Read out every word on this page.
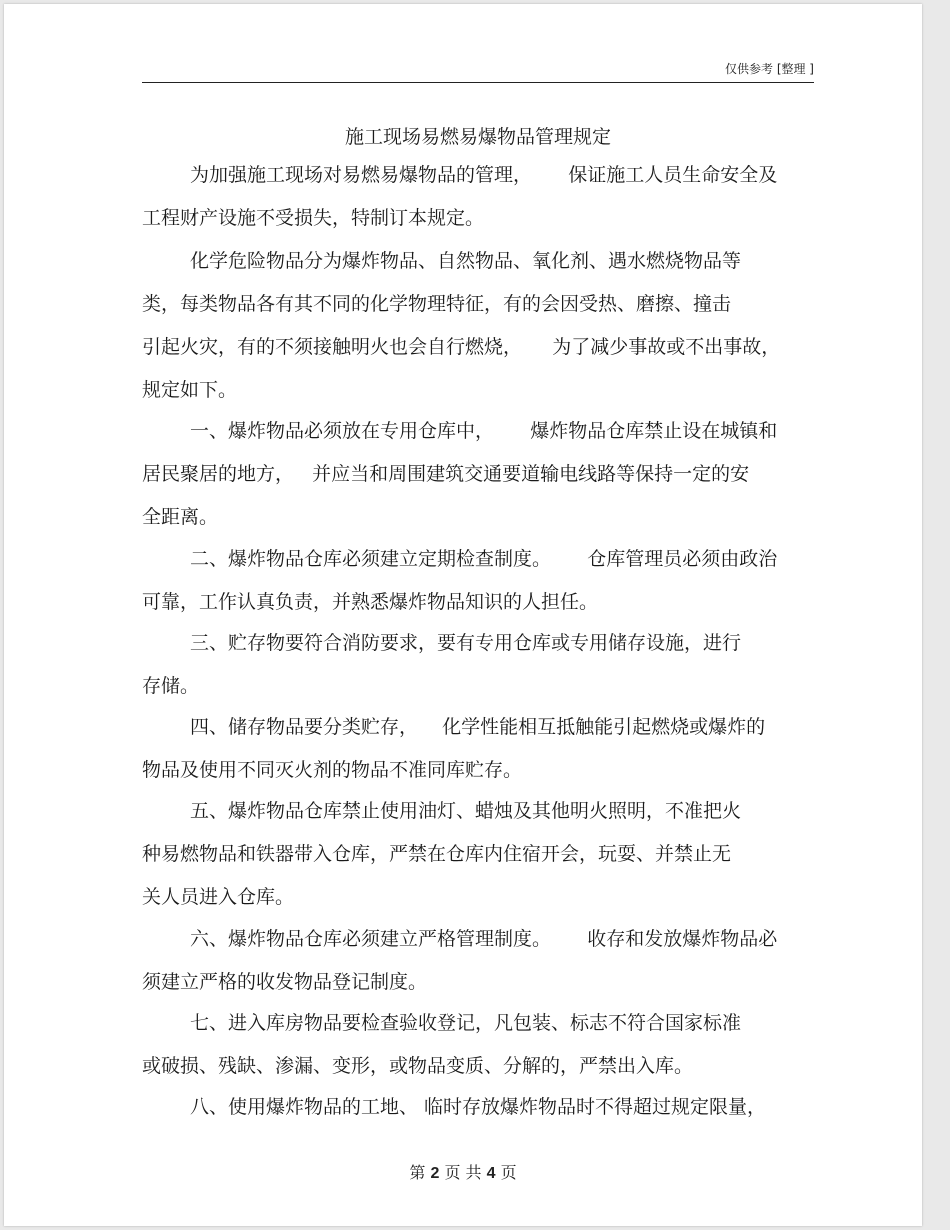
仅供参考 [整理 ]
施工现场易燃易爆物品管理规定
为加强施工现场对易燃易爆物品的管理，      保证施工人员生命安全及
工程财产设施不受损失，特制订本规定。
化学危险物品分为爆炸物品、自然物品、氧化剂、遇水燃烧物品等
类，每类物品各有其不同的化学物理特征，有的会因受热、磨擦、撞击
引起火灾，有的不须接触明火也会自行燃烧，     为了减少事故或不出事故，
规定如下。
一、爆炸物品必须放在专用仓库中，      爆炸物品仓库禁止设在城镇和
居民聚居的地方，   并应当和周围建筑交通要道输电线路等保持一定的安
全距离。
二、爆炸物品仓库必须建立定期检查制度。      仓库管理员必须由政治
可靠，工作认真负责，并熟悉爆炸物品知识的人担任。
三、贮存物要符合消防要求，要有专用仓库或专用储存设施，进行
存储。
四、储存物品要分类贮存，    化学性能相互抵触能引起燃烧或爆炸的
物品及使用不同灭火剂的物品不准同库贮存。
五、爆炸物品仓库禁止使用油灯、蜡烛及其他明火照明，不准把火
种易燃物品和铁器带入仓库，严禁在仓库内住宿开会，玩耍、并禁止无
关人员进入仓库。
六、爆炸物品仓库必须建立严格管理制度。      收存和发放爆炸物品必
须建立严格的收发物品登记制度。
七、进入库房物品要检查验收登记，凡包装、标志不符合国家标准
或破损、残缺、渗漏、变形，或物品变质、分解的，严禁出入库。
八、使用爆炸物品的工地、 临时存放爆炸物品时不得超过规定限量，
第 2 页 共 4 页
